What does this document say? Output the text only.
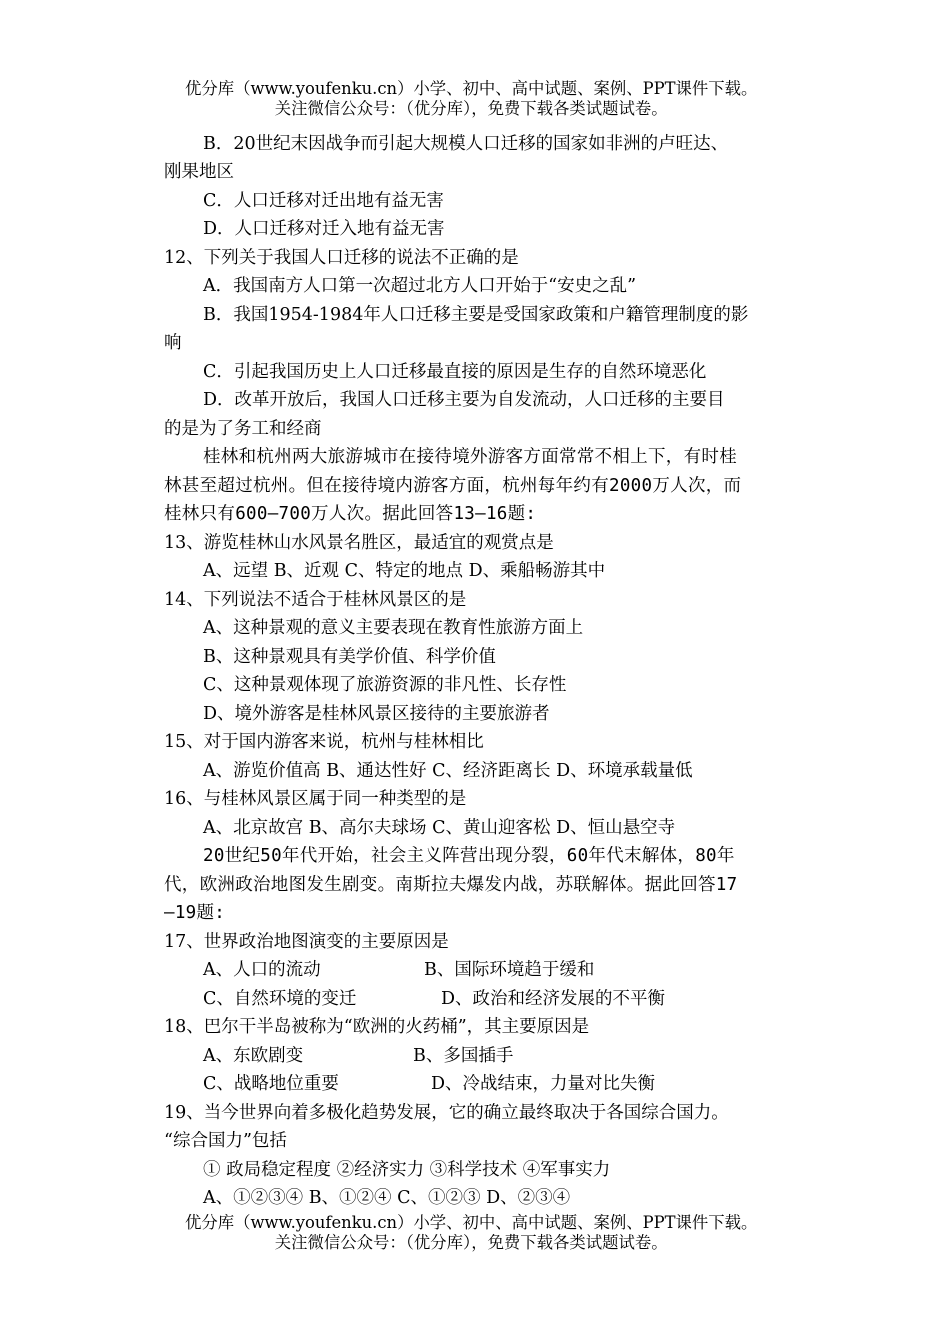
优分库（www.youfenku.cn）小学、初中、高中试题、案例、PPT课件下载。
关注微信公众号：（优分库），免费下载各类试题试卷。
B．20世纪末因战争而引起大规模人口迁移的国家如非洲的卢旺达、
刚果地区
C．人口迁移对迁出地有益无害
D．人口迁移对迁入地有益无害
12、下列关于我国人口迁移的说法不正确的是
A．我国南方人口第一次超过北方人口开始于“安史之乱”
B．我国1954-1984年人口迁移主要是受国家政策和户籍管理制度的影
响
C．引起我国历史上人口迁移最直接的原因是生存的自然环境恶化
D．改革开放后，我国人口迁移主要为自发流动，人口迁移的主要目
的是为了务工和经商
桂林和杭州两大旅游城市在接待境外游客方面常常不相上下，有时桂
林甚至超过杭州。但在接待境内游客方面，杭州每年约有2000万人次，而
桂林只有600—700万人次。据此回答13—16题:
13、游览桂林山水风景名胜区，最适宜的观赏点是
A、远望 B、近观 C、特定的地点 D、乘船畅游其中
14、下列说法不适合于桂林风景区的是
A、这种景观的意义主要表现在教育性旅游方面上
B、这种景观具有美学价值、科学价值
C、这种景观体现了旅游资源的非凡性、长存性
D、境外游客是桂林风景区接待的主要旅游者
15、对于国内游客来说，杭州与桂林相比
A、游览价值高 B、通达性好 C、经济距离长 D、环境承载量低
16、与桂林风景区属于同一种类型的是
A、北京故宫 B、高尔夫球场 C、黄山迎客松 D、恒山悬空寺
20世纪50年代开始，社会主义阵营出现分裂，60年代末解体，80年
代，欧洲政治地图发生剧变。南斯拉夫爆发内战，苏联解体。据此回答17
—19题:
17、世界政治地图演变的主要原因是
A、人口的流动	B、国际环境趋于缓和
C、自然环境的变迁	D、政治和经济发展的不平衡
18、巴尔干半岛被称为“欧洲的火药桶”，其主要原因是
A、东欧剧变	B、多国插手
C、战略地位重要	D、冷战结束，力量对比失衡
19、当今世界向着多极化趋势发展，它的确立最终取决于各国综合国力。
“综合国力”包括
① 政局稳定程度 ②经济实力 ③科学技术 ④军事实力
A、①②③④ B、①②④ C、①②③ D、②③④
优分库（www.youfenku.cn）小学、初中、高中试题、案例、PPT课件下载。
关注微信公众号：（优分库），免费下载各类试题试卷。
